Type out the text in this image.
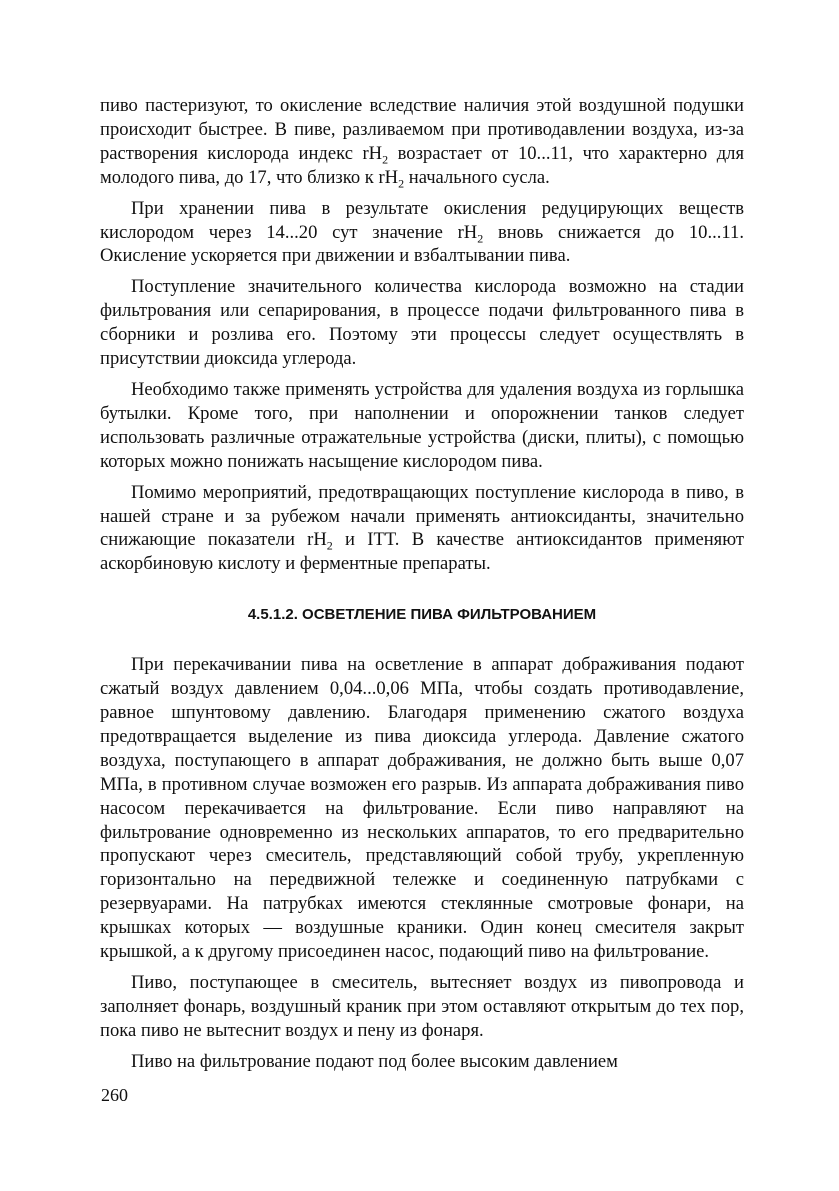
пиво пастеризуют, то окисление вследствие наличия этой воздушной подушки происходит быстрее. В пиве, разливаемом при противодавлении воздуха, из-за растворения кислорода индекс $rH_2$ возрастает от 10...11, что характерно для молодого пива, до 17, что близко к $rH_2$ начального сусла.

При хранении пива в результате окисления редуцирующих веществ кислородом через 14...20 сут значение $rH_2$ вновь снижается до 10...11. Окисление ускоряется при движении и взбалтывании пива.

Поступление значительного количества кислорода возможно на стадии фильтрования или сепарирования, в процессе подачи фильтрованного пива в сборники и розлива его. Поэтому эти процессы следует осуществлять в присутствии диоксида углерода.

Необходимо также применять устройства для удаления воздуха из горлышка бутылки. Кроме того, при наполнении и опорожнении танков следует использовать различные отражательные устройства (диски, плиты), с помощью которых можно понижать насыщение кислородом пива.

Помимо мероприятий, предотвращающих поступление кислорода в пиво, в нашей стране и за рубежом начали применять антиоксиданты, значительно снижающие показатели $rH_2$ и ITT. В качестве антиоксидантов применяют аскорбиновую кислоту и ферментные препараты.

4.5.1.2. ОСВЕТЛЕНИЕ ПИВА ФИЛЬТРОВАНИЕМ

При перекачивании пива на осветление в аппарат дображивания подают сжатый воздух давлением 0,04...0,06 МПа, чтобы создать противодавление, равное шпунтовому давлению. Благодаря применению сжатого воздуха предотвращается выделение из пива диоксида углерода. Давление сжатого воздуха, поступающего в аппарат дображивания, не должно быть выше 0,07 МПа, в противном случае возможен его разрыв. Из аппарата дображивания пиво насосом перекачивается на фильтрование. Если пиво направляют на фильтрование одновременно из нескольких аппаратов, то его предварительно пропускают через смеситель, представляющий собой трубу, укрепленную горизонтально на передвижной тележке и соединенную патрубками с резервуарами. На патрубках имеются стеклянные смотровые фонари, на крышках которых — воздушные краники. Один конец смесителя закрыт крышкой, а к другому присоединен насос, подающий пиво на фильтрование.

Пиво, поступающее в смеситель, вытесняет воздух из пивопровода и заполняет фонарь, воздушный краник при этом оставляют открытым до тех пор, пока пиво не вытеснит воздух и пену из фонаря.

Пиво на фильтрование подают под более высоким давлением

260
